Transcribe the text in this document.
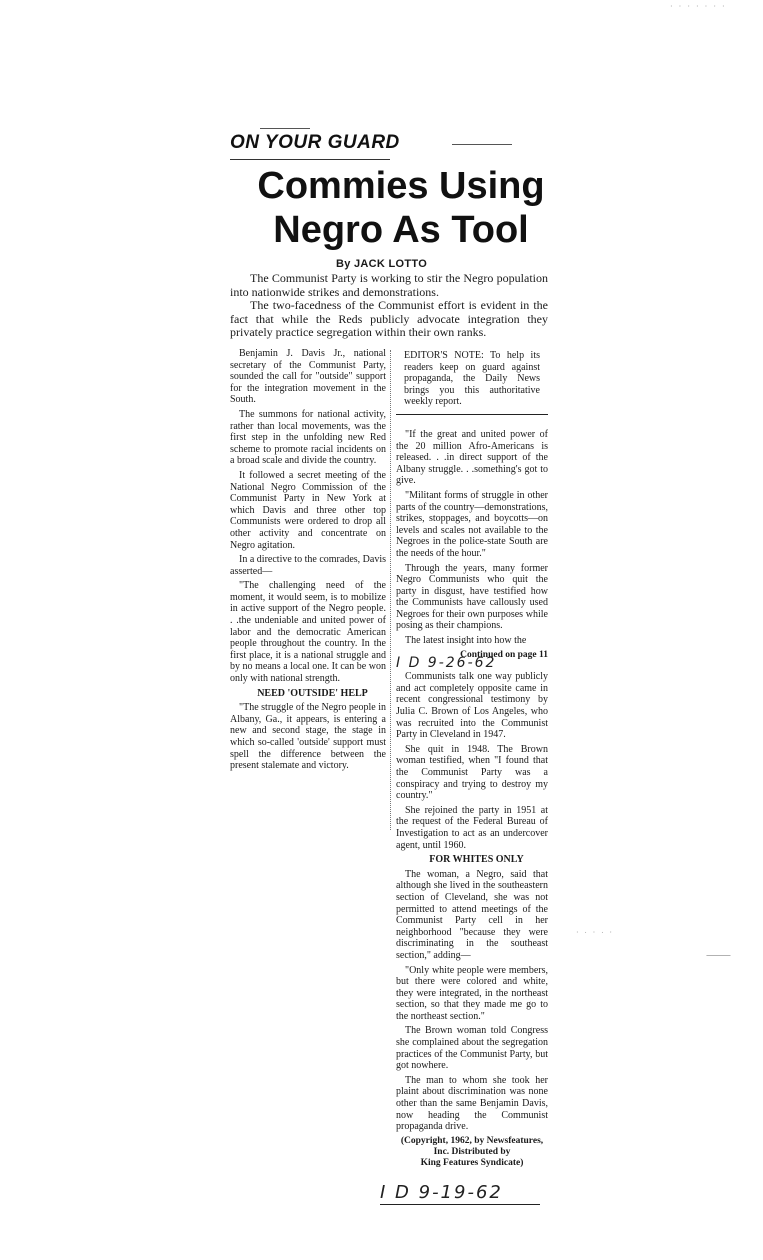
ON YOUR GUARD
Commies Using
Negro As Tool
By JACK LOTTO

The Communist Party is working to stir the Negro population into nationwide strikes and demonstrations.

The two-facedness of the Communist effort is evident in the fact that while the Reds publicly advocate integration they privately practice segregation within their own ranks.

Benjamin J. Davis Jr., national secretary of the Communist Party, sounded the call for "outside" support for the integration movement in the South.

The summons for national activity, rather than local movements, was the first step in the unfolding new Red scheme to promote racial incidents on a broad scale and divide the country.

It followed a secret meeting of the National Negro Commission of the Communist Party in New York at which Davis and three other top Communists were ordered to drop all other activity and concentrate on Negro agitation.

In a directive to the comrades, Davis asserted—

"The challenging need of the moment, it would seem, is to mobilize in active support of the Negro people. . .the undeniable and united power of labor and the democratic American people throughout the country. In the first place, it is a national struggle and by no means a local one. It can be won only with national strength.

NEED 'OUTSIDE' HELP

"The struggle of the Negro people in Albany, Ga., it appears, is entering a new and second stage, the stage in which so-called 'outside' support must spell the difference between the present stalemate and victory.

EDITOR'S NOTE: To help its readers keep on guard against propaganda, the Daily News brings you this authoritative weekly report.

"If the great and united power of the 20 million Afro-Americans is released. . .in direct support of the Albany struggle. . .something's got to give.

"Militant forms of struggle in other parts of the country—demonstrations, strikes, stoppages, and boycotts—on levels and scales not available to the Negroes in the police-state South are the needs of the hour."

Through the years, many former Negro Communists who quit the party in disgust, have testified how the Communists have callously used Negroes for their own purposes while posing as their champions.

The latest insight into how the

Continued on page 11

Communists talk one way publicly and act completely opposite came in recent congressional testimony by Julia C. Brown of Los Angeles, who was recruited into the Communist Party in Cleveland in 1947.

She quit in 1948. The Brown woman testified, when "I found that the Communist Party was a conspiracy and trying to destroy my country."

She rejoined the party in 1951 at the request of the Federal Bureau of Investigation to act as an undercover agent, until 1960.

FOR WHITES ONLY

The woman, a Negro, said that although she lived in the southeastern section of Cleveland, she was not permitted to attend meetings of the Communist Party cell in her neighborhood "because they were discriminating in the southeast section," adding—

"Only white people were members, but there were colored and white, they were integrated, in the northeast section, so that they made me go to the northeast section."

The Brown woman told Congress she complained about the segregation practices of the Communist Party, but got nowhere.

The man to whom she took her plaint about discrimination was none other than the same Benjamin Davis, now heading the Communist propaganda drive.

(Copyright, 1962, by Newsfeatures, Inc. Distributed by
King Features Syndicate)
I D 9-26-62
I D 9-19-62
· · · · · · ·
· ∙ · ∙ ·
⸻
